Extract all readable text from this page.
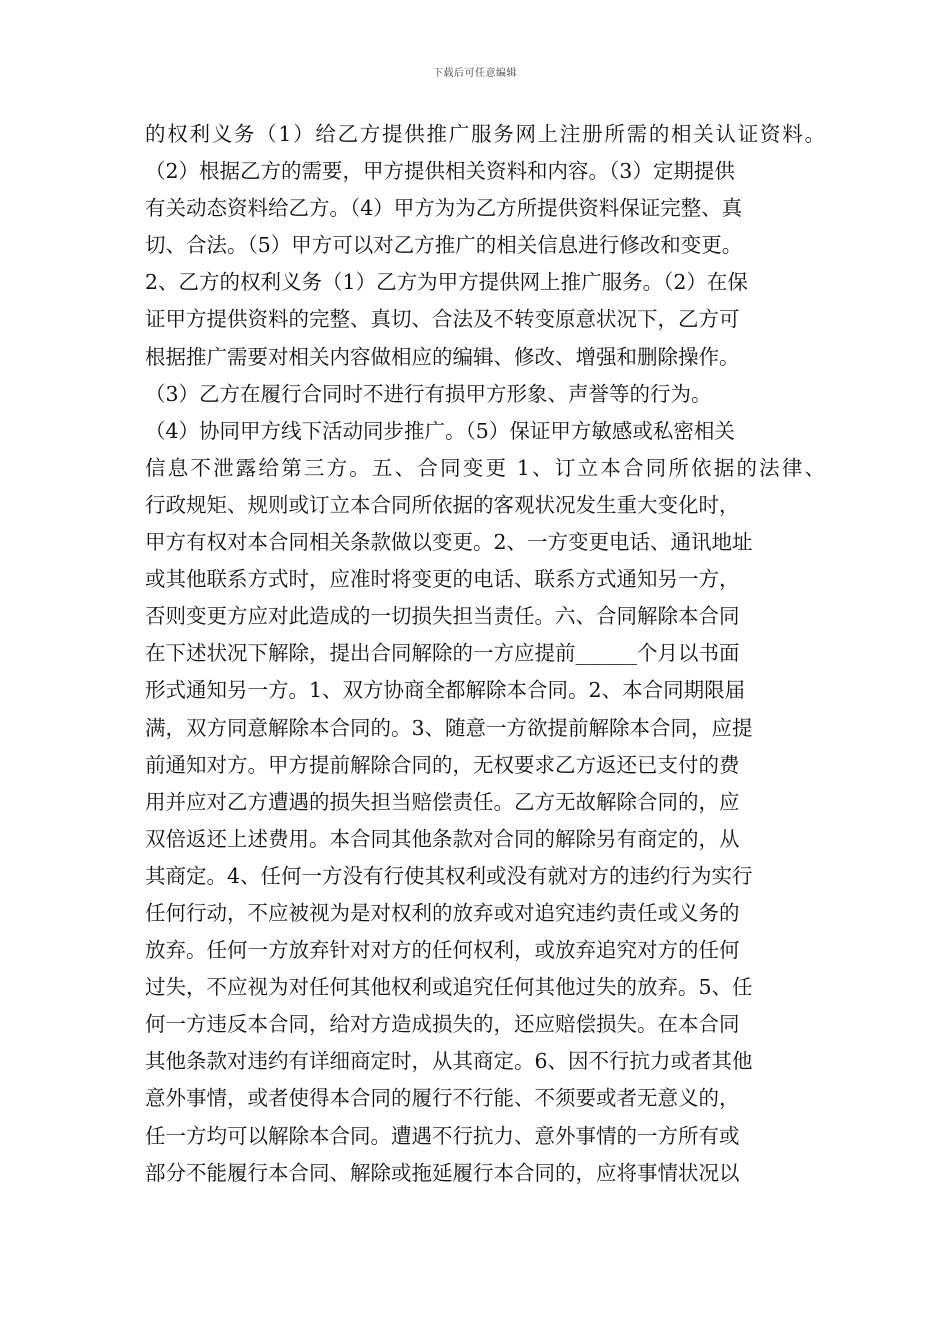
下载后可任意编辑
的权利义务（1）给乙方提供推广服务网上注册所需的相关认证资料。
（2）根据乙方的需要，甲方提供相关资料和内容。（3）定期提供
有关动态资料给乙方。（4）甲方为为乙方所提供资料保证完整、真
切、合法。（5）甲方可以对乙方推广的相关信息进行修改和变更。
2、乙方的权利义务（1）乙方为甲方提供网上推广服务。（2）在保
证甲方提供资料的完整、真切、合法及不转变原意状况下，乙方可
根据推广需要对相关内容做相应的编辑、修改、增强和删除操作。
（3）乙方在履行合同时不进行有损甲方形象、声誉等的行为。
（4）协同甲方线下活动同步推广。（5）保证甲方敏感或私密相关
信息不泄露给第三方。五、合同变更 1、订立本合同所依据的法律、
行政规矩、规则或订立本合同所依据的客观状况发生重大变化时，
甲方有权对本合同相关条款做以变更。2、一方变更电话、通讯地址
或其他联系方式时，应准时将变更的电话、联系方式通知另一方，
否则变更方应对此造成的一切损失担当责任。六、合同解除本合同
在下述状况下解除，提出合同解除的一方应提前______个月以书面
形式通知另一方。1、双方协商全都解除本合同。2、本合同期限届
满，双方同意解除本合同的。3、随意一方欲提前解除本合同，应提
前通知对方。甲方提前解除合同的，无权要求乙方返还已支付的费
用并应对乙方遭遇的损失担当赔偿责任。乙方无故解除合同的，应
双倍返还上述费用。本合同其他条款对合同的解除另有商定的，从
其商定。4、任何一方没有行使其权利或没有就对方的违约行为实行
任何行动，不应被视为是对权利的放弃或对追究违约责任或义务的
放弃。任何一方放弃针对对方的任何权利，或放弃追究对方的任何
过失，不应视为对任何其他权利或追究任何其他过失的放弃。5、任
何一方违反本合同，给对方造成损失的，还应赔偿损失。在本合同
其他条款对违约有详细商定时，从其商定。6、因不行抗力或者其他
意外事情，或者使得本合同的履行不行能、不须要或者无意义的，
任一方均可以解除本合同。遭遇不行抗力、意外事情的一方所有或
部分不能履行本合同、解除或拖延履行本合同的，应将事情状况以
